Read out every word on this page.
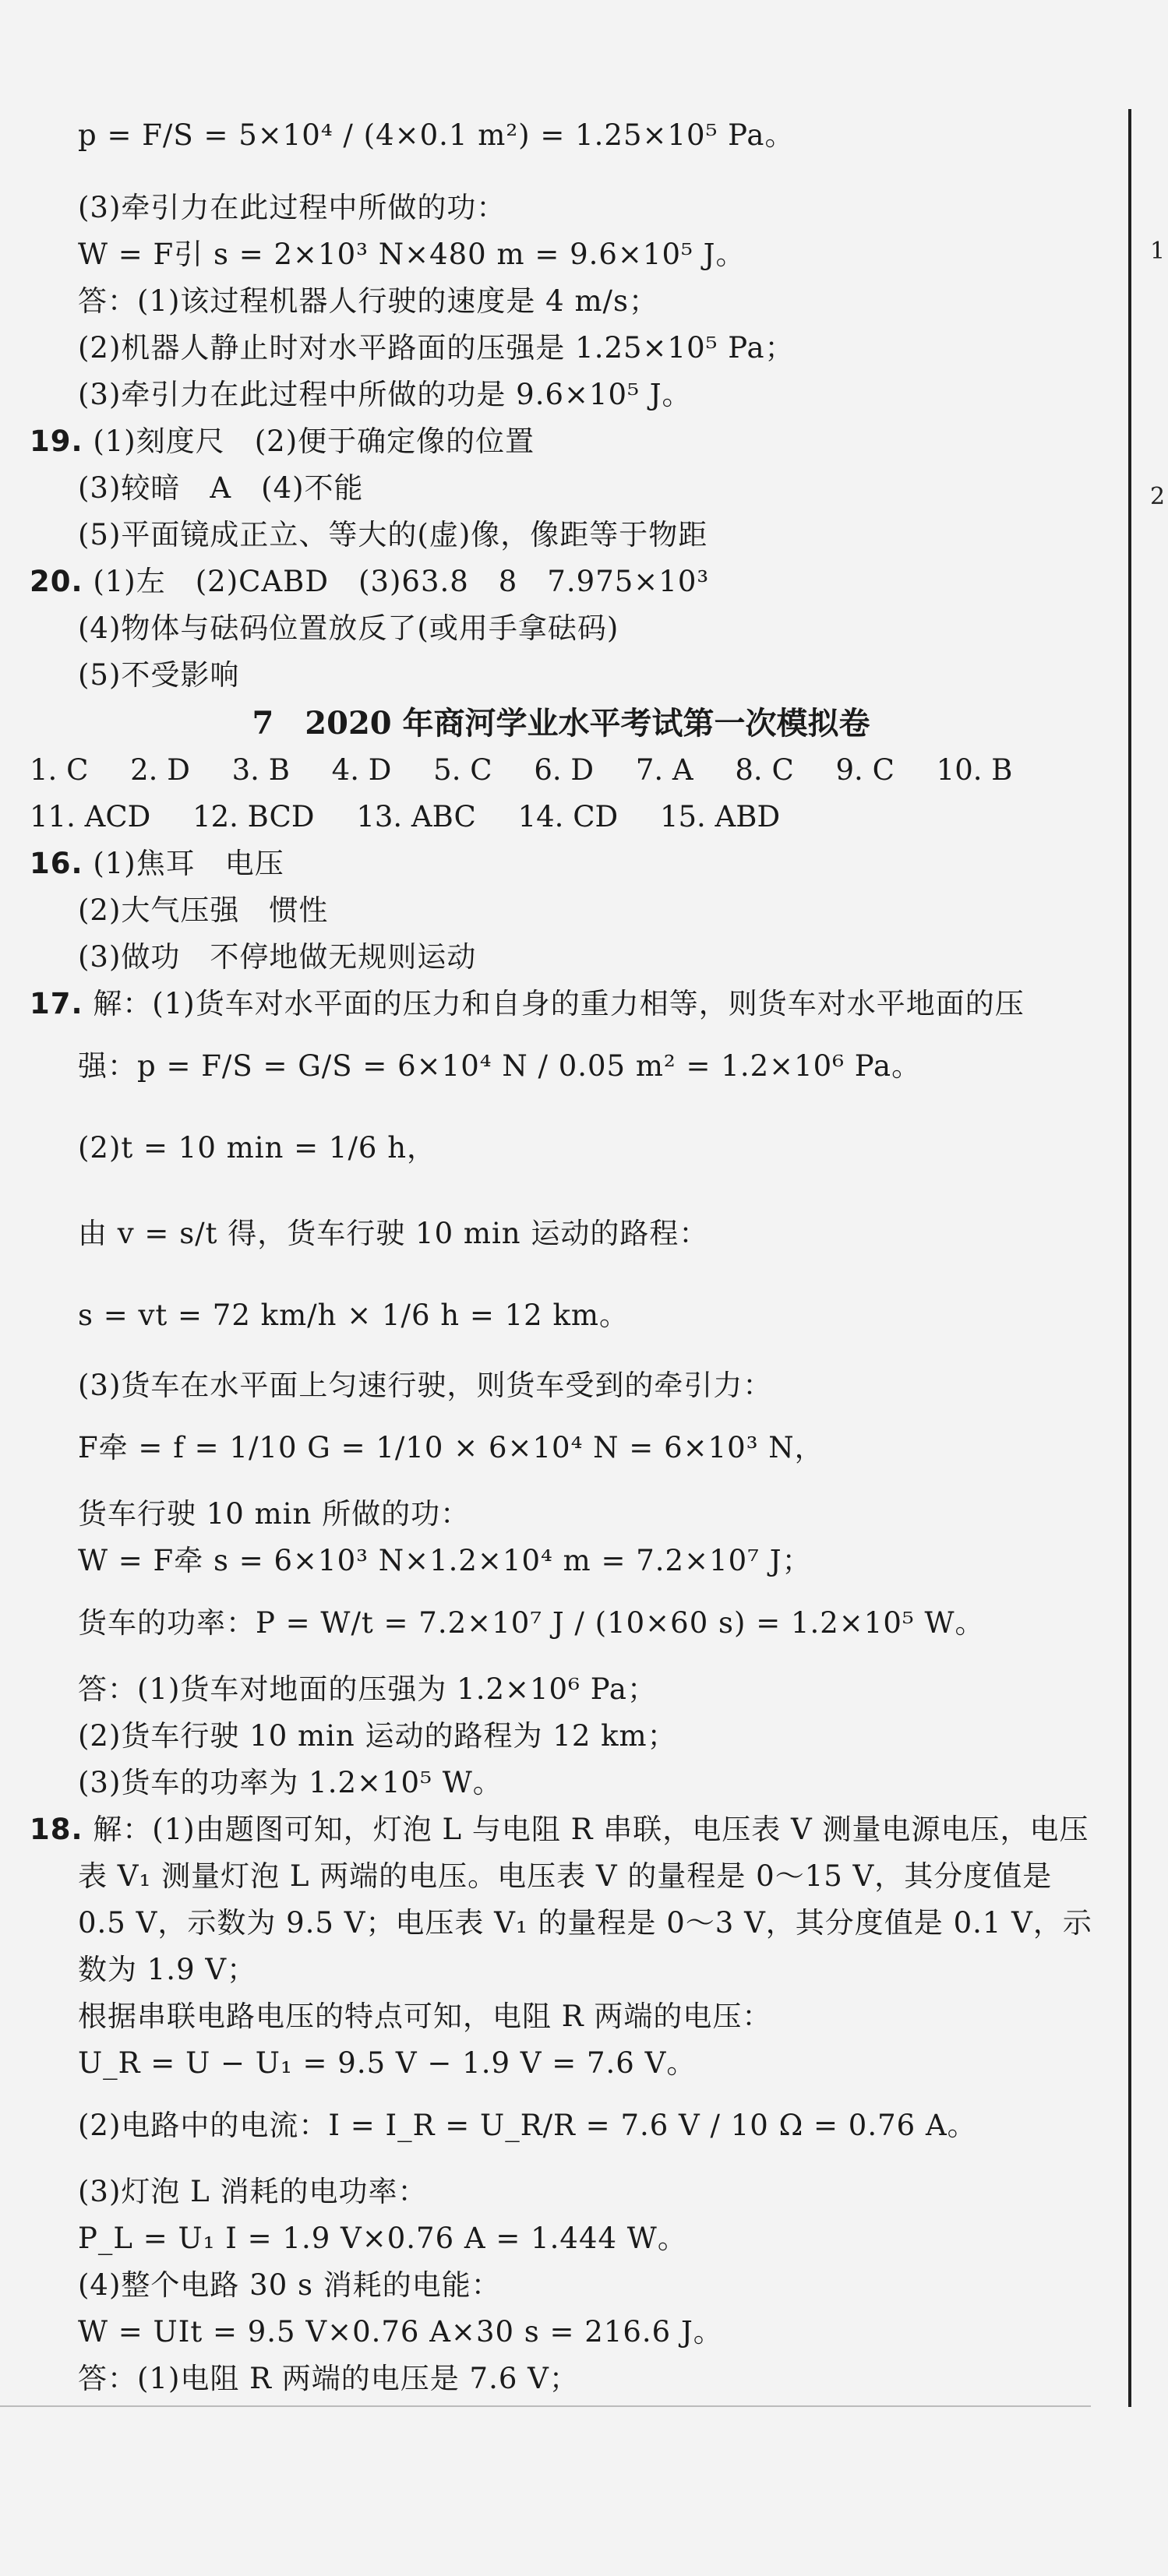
1
2
p = F/S = 5×10⁴ / (4×0.1 m²) = 1.25×10⁵ Pa。
(3)牵引力在此过程中所做的功：
W = F引 s = 2×10³ N×480 m = 9.6×10⁵ J。
答：(1)该过程机器人行驶的速度是 4 m/s；
(2)机器人静止时对水平路面的压强是 1.25×10⁵ Pa；
(3)牵引力在此过程中所做的功是 9.6×10⁵ J。
19. (1)刻度尺　(2)便于确定像的位置
(3)较暗　A　(4)不能
(5)平面镜成正立、等大的(虚)像，像距等于物距
20. (1)左　(2)CABD　(3)63.8　8　7.975×10³
(4)物体与砝码位置放反了(或用手拿砝码)
(5)不受影响
7　2020 年商河学业水平考试第一次模拟卷
1. C 2. D 3. B 4. D 5. C 6. D 7. A 8. C 9. C 10. B
11. ACD 12. BCD 13. ABC 14. CD 15. ABD
16. (1)焦耳　电压
(2)大气压强　惯性
(3)做功　不停地做无规则运动
17. 解：(1)货车对水平面的压力和自身的重力相等，则货车对水平地面的压
强：p = F/S = G/S = 6×10⁴ N / 0.05 m² = 1.2×10⁶ Pa。
(2)t = 10 min = 1/6 h，
由 v = s/t 得，货车行驶 10 min 运动的路程：
s = vt = 72 km/h × 1/6 h = 12 km。
(3)货车在水平面上匀速行驶，则货车受到的牵引力：
F牵 = f = 1/10 G = 1/10 × 6×10⁴ N = 6×10³ N，
货车行驶 10 min 所做的功：
W = F牵 s = 6×10³ N×1.2×10⁴ m = 7.2×10⁷ J；
货车的功率：P = W/t = 7.2×10⁷ J / (10×60 s) = 1.2×10⁵ W。
答：(1)货车对地面的压强为 1.2×10⁶ Pa；
(2)货车行驶 10 min 运动的路程为 12 km；
(3)货车的功率为 1.2×10⁵ W。
18. 解：(1)由题图可知，灯泡 L 与电阻 R 串联，电压表 V 测量电源电压，电压
表 V₁ 测量灯泡 L 两端的电压。电压表 V 的量程是 0～15 V，其分度值是
0.5 V，示数为 9.5 V；电压表 V₁ 的量程是 0～3 V，其分度值是 0.1 V，示
数为 1.9 V；
根据串联电路电压的特点可知，电阻 R 两端的电压：
U_R = U − U₁ = 9.5 V − 1.9 V = 7.6 V。
(2)电路中的电流：I = I_R = U_R/R = 7.6 V / 10 Ω = 0.76 A。
(3)灯泡 L 消耗的电功率：
P_L = U₁ I = 1.9 V×0.76 A = 1.444 W。
(4)整个电路 30 s 消耗的电能：
W = UIt = 9.5 V×0.76 A×30 s = 216.6 J。
答：(1)电阻 R 两端的电压是 7.6 V；
